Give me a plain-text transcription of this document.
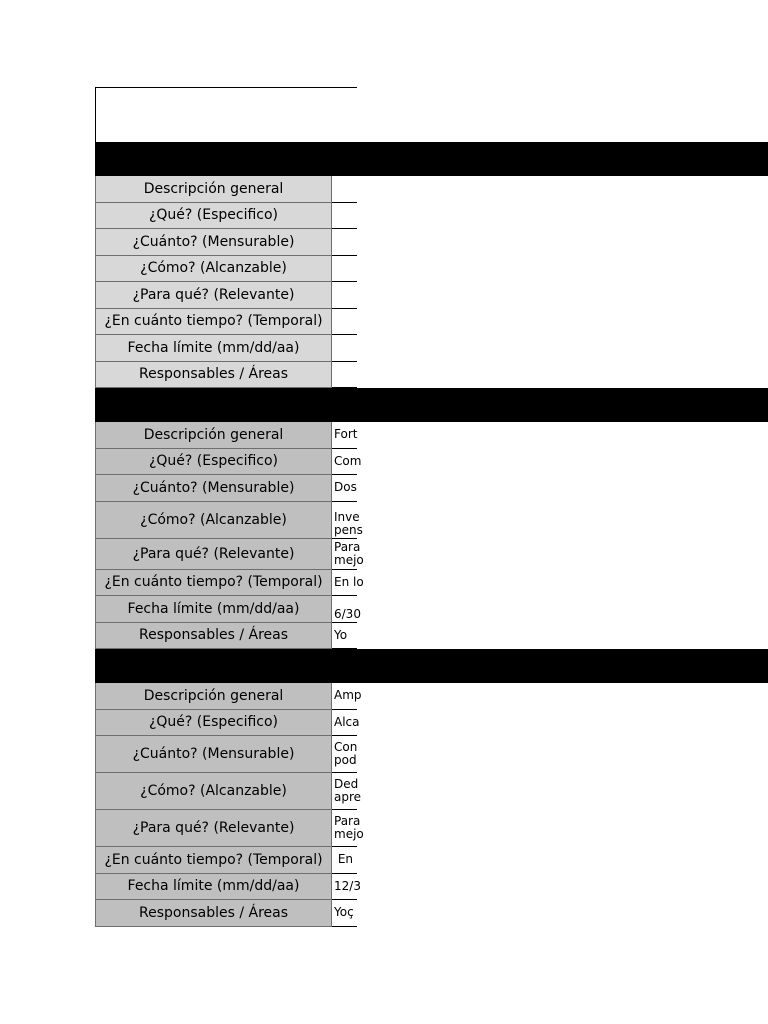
Descripción general
¿Qué? (Especifico)
¿Cuánto? (Mensurable)
¿Cómo? (Alcanzable)
¿Para qué? (Relevante)
¿En cuánto tiempo? (Temporal)
Fecha límite (mm/dd/aa)
Responsables / Áreas
Descripción general	Fort
¿Qué? (Especifico)	Com
¿Cuánto? (Mensurable)	Dos
¿Cómo? (Alcanzable)	Inve
pens
¿Para qué? (Relevante)	Para
mejo
¿En cuánto tiempo? (Temporal) En lo
Fecha límite (mm/dd/aa)	6/30
Responsables / Áreas	Yo
Descripción general	Amp
¿Qué? (Especifico)	Alca
¿Cuánto? (Mensurable)	Con
pod
¿Cómo? (Alcanzable)	Ded
apre
¿Para qué? (Relevante)	Para
mejo
¿En cuánto tiempo? (Temporal) En
Fecha límite (mm/dd/aa)	12/3
Responsables / Áreas	Yoç
